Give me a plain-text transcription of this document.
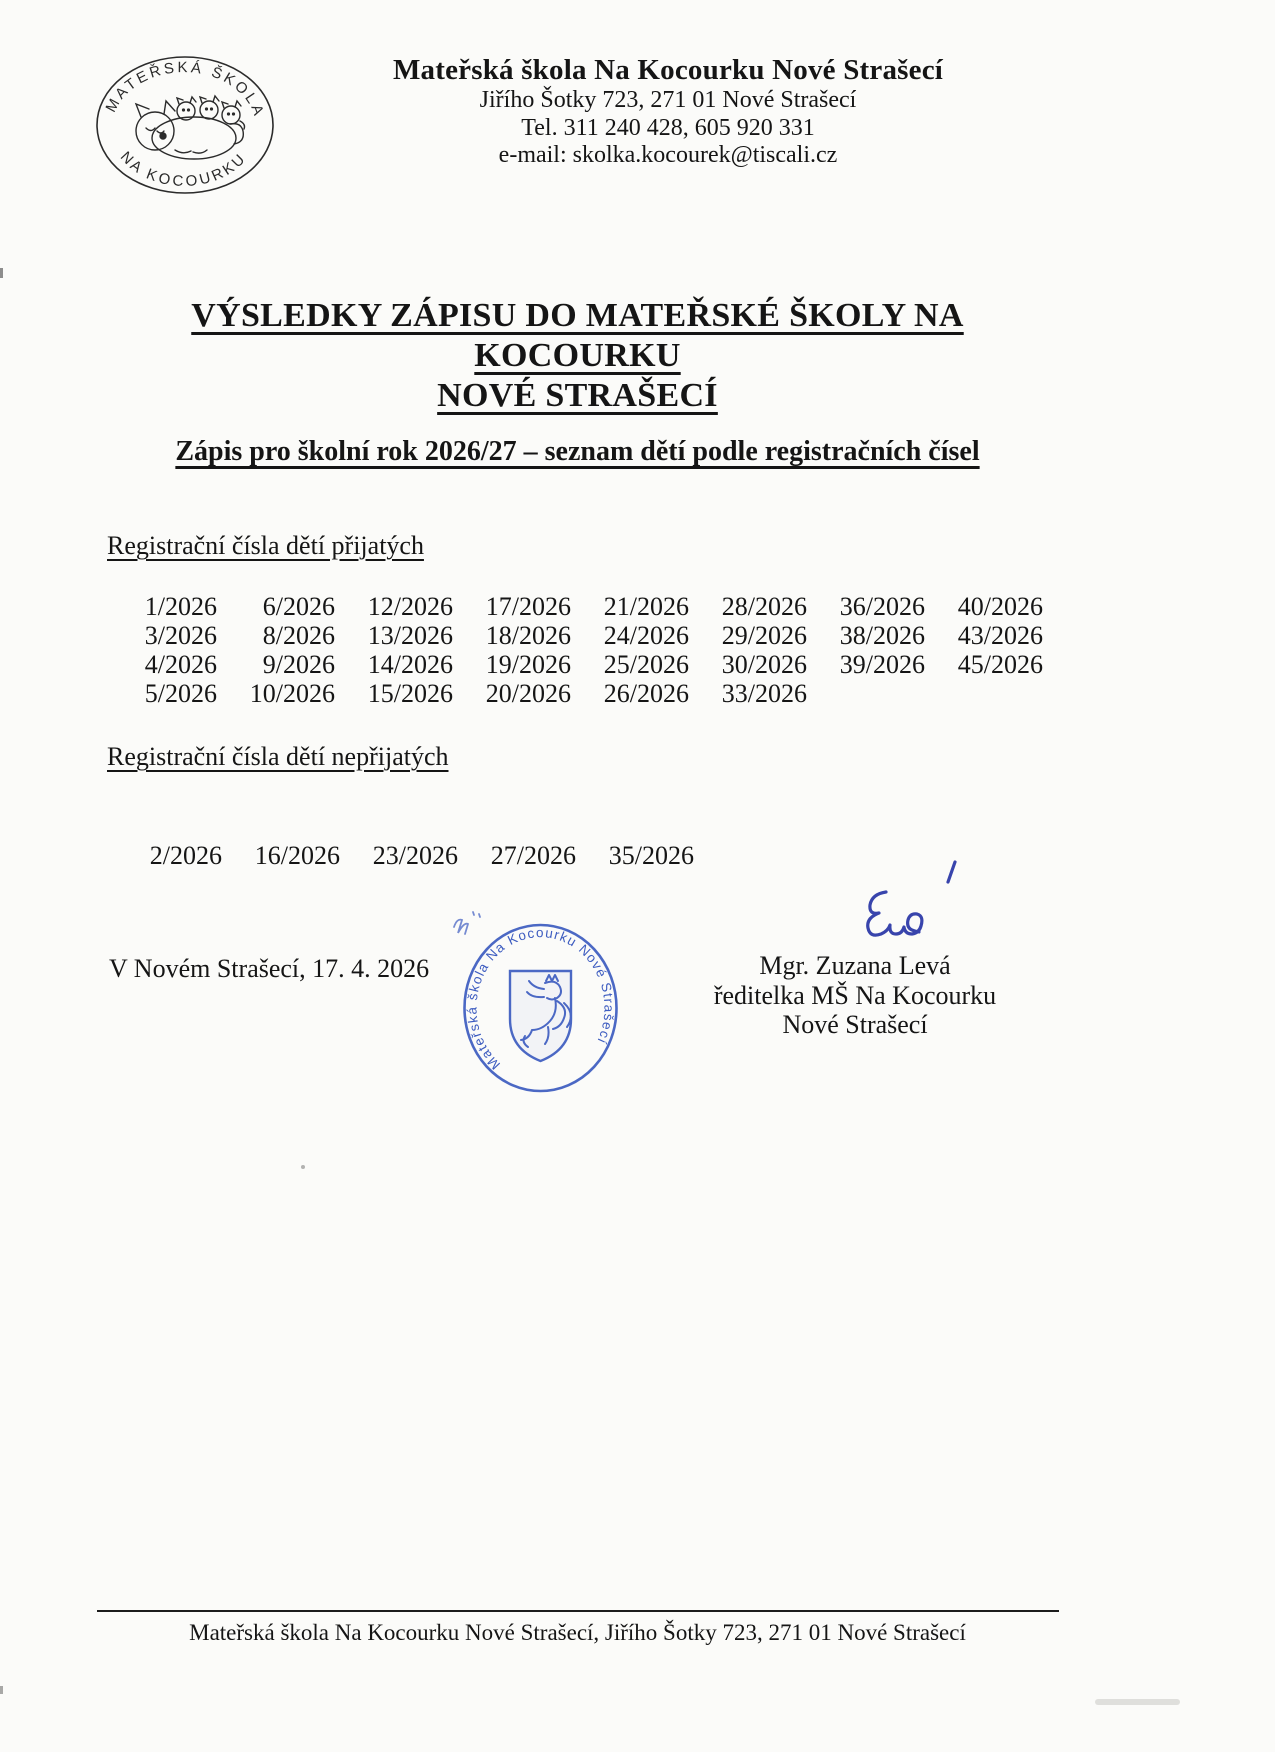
MATEŘSKÁ ŠKOLA
NA KOCOURKU
Mateřská škola Na Kocourku Nové Strašecí
Jiřího Šotky 723, 271 01 Nové Strašecí
Tel. 311 240 428, 605 920 331
e-mail: skolka.kocourek@tiscali.cz
VÝSLEDKY ZÁPISU DO MATEŘSKÉ ŠKOLY NA KOCOURKU
NOVÉ STRAŠECÍ
Zápis pro školní rok 2026/27 – seznam dětí podle registračních čísel
Registrační čísla dětí přijatých
1/2026	6/2026	12/2026	17/2026	21/2026	28/2026	36/2026	40/2026
3/2026	8/2026	13/2026	18/2026	24/2026	29/2026	38/2026	43/2026
4/2026	9/2026	14/2026	19/2026	25/2026	30/2026	39/2026	45/2026
5/2026	10/2026	15/2026	20/2026	26/2026	33/2026
Registrační čísla dětí nepřijatých
2/2026	16/2026	23/2026	27/2026	35/2026
V Novém Strašecí, 17. 4. 2026
Mateřská škola Na Kocourku Nové Strašecí
Mgr. Zuzana Levá
ředitelka MŠ Na Kocourku
Nové Strašecí
Mateřská škola Na Kocourku Nové Strašecí, Jiřího Šotky 723, 271 01 Nové Strašecí
